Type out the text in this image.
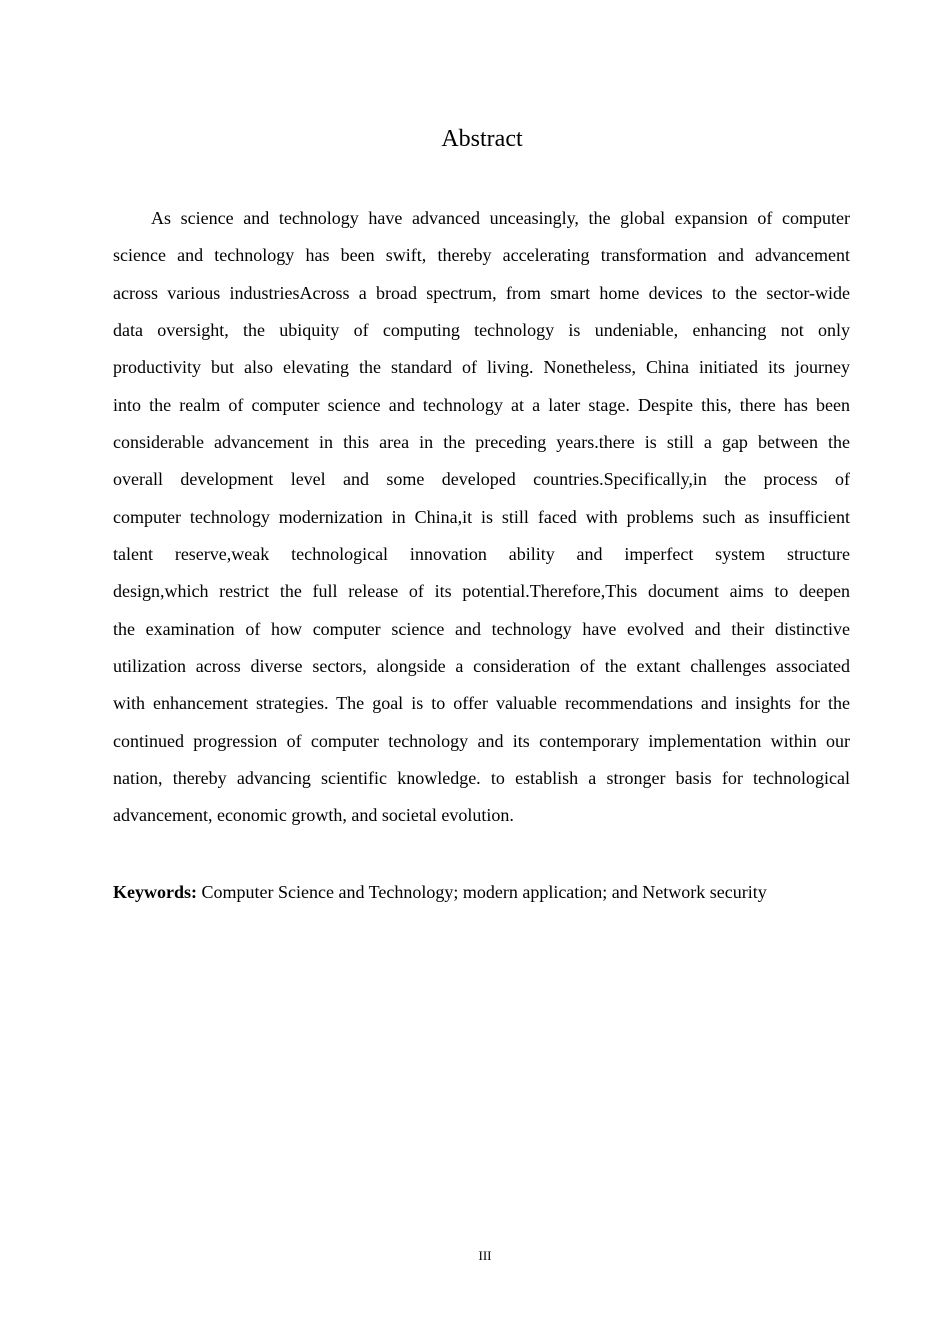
Abstract
As science and technology have advanced unceasingly, the global expansion of computer
science and technology has been swift, thereby accelerating transformation and advancement
across various industriesAcross a broad spectrum, from smart home devices to the sector-wide
data oversight, the ubiquity of computing technology is undeniable, enhancing not only
productivity but also elevating the standard of living. Nonetheless, China initiated its journey
into the realm of computer science and technology at a later stage. Despite this, there has been
considerable advancement in this area in the preceding years.there is still a gap between the
overall development level and some developed countries.Specifically,in the process of
computer technology modernization in China,it is still faced with problems such as insufficient
talent reserve,weak technological innovation ability and imperfect system structure
design,which restrict the full release of its potential.Therefore,This document aims to deepen
the examination of how computer science and technology have evolved and their distinctive
utilization across diverse sectors, alongside a consideration of the extant challenges associated
with enhancement strategies. The goal is to offer valuable recommendations and insights for the
continued progression of computer technology and its contemporary implementation within our
nation, thereby advancing scientific knowledge. to establish a stronger basis for technological
advancement, economic growth, and societal evolution.
Keywords: Computer Science and Technology; modern application; and Network security
III
